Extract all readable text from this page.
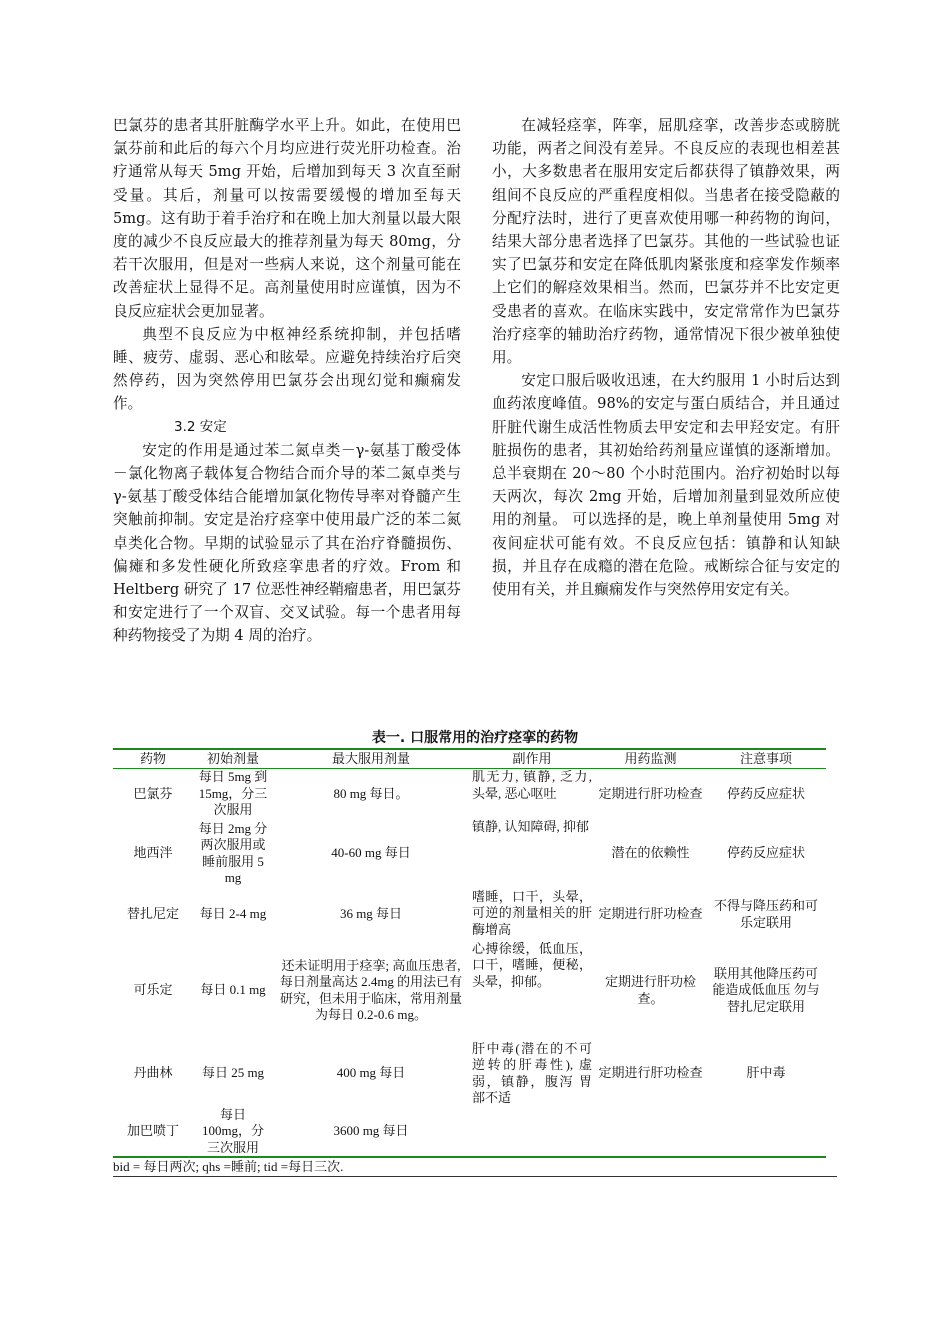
巴氯芬的患者其肝脏酶学水平上升。如此，在使用巴氯芬前和此后的每六个月均应进行荧光肝功检查。治疗通常从每天 5mg 开始，后增加到每天 3 次直至耐受量。其后，剂量可以按需要缓慢的增加至每天 5mg。这有助于着手治疗和在晚上加大剂量以最大限度的减少不良反应最大的推荐剂量为每天 80mg，分若干次服用，但是对一些病人来说，这个剂量可能在改善症状上显得不足。高剂量使用时应谨慎，因为不良反应症状会更加显著。

典型不良反应为中枢神经系统抑制，并包括嗜睡、疲劳、虚弱、恶心和眩晕。应避免持续治疗后突然停药，因为突然停用巴氯芬会出现幻觉和癫痫发作。

3.2 安定

安定的作用是通过苯二氮卓类－γ-氨基丁酸受体－氯化物离子载体复合物结合而介导的苯二氮卓类与 γ-氨基丁酸受体结合能增加氯化物传导率对脊髓产生突触前抑制。安定是治疗痉挛中使用最广泛的苯二氮卓类化合物。早期的试验显示了其在治疗脊髓损伤、偏瘫和多发性硬化所致痉挛患者的疗效。From 和 Heltberg 研究了 17 位恶性神经鞘瘤患者，用巴氯芬和安定进行了一个双盲、交叉试验。每一个患者用每种药物接受了为期 4 周的治疗。

在减轻痉挛，阵挛，屈肌痉挛，改善步态或膀胱功能，两者之间没有差异。不良反应的表现也相差甚小，大多数患者在服用安定后都获得了镇静效果，两组间不良反应的严重程度相似。当患者在接受隐蔽的分配疗法时，进行了更喜欢使用哪一种药物的询问，结果大部分患者选择了巴氯芬。其他的一些试验也证实了巴氯芬和安定在降低肌肉紧张度和痉挛发作频率上它们的解痉效果相当。然而，巴氯芬并不比安定更受患者的喜欢。在临床实践中，安定常常作为巴氯芬治疗痉挛的辅助治疗药物，通常情况下很少被单独使用。

安定口服后吸收迅速，在大约服用 1 小时后达到血药浓度峰值。98%的安定与蛋白质结合，并且通过肝脏代谢生成活性物质去甲安定和去甲羟安定。有肝脏损伤的患者，其初始给药剂量应谨慎的逐渐增加。总半衰期在 20～80 个小时范围内。治疗初始时以每天两次，每次 2mg 开始，后增加剂量到显效所应使用的剂量。 可以选择的是，晚上单剂量使用 5mg 对夜间症状可能有效。不良反应包括：镇静和认知缺损，并且存在成瘾的潜在危险。戒断综合征与安定的使用有关，并且癫痫发作与突然停用安定有关。

表一. 口服常用的治疗痉挛的药物
药物	初始剂量	最大服用剂量	副作用	用药监测	注意事项
巴氯芬	每日 5mg 到 15mg，分三次服用	80 mg 每日。	肌无力, 镇静, 乏力, 头晕, 恶心呕吐	定期进行肝功检查	停药反应症状
地西泮	每日 2mg 分两次服用或睡前服用 5 mg	40-60 mg 每日	镇静, 认知障碍, 抑郁	潜在的依赖性	停药反应症状
替扎尼定	每日 2-4 mg	36 mg 每日	嗜睡，口干，头晕，可逆的剂量相关的肝酶增高	定期进行肝功检查	不得与降压药和可乐定联用
可乐定	每日 0.1 mg	还未证明用于痉挛; 高血压患者,每日剂量高达 2.4mg 的用法已有研究，但未用于临床，常用剂量为每日 0.2-0.6 mg。	心搏徐缓，低血压，口干，嗜睡，便秘，头晕，抑郁。	定期进行肝功检查。	联用其他降压药可能造成低血压 勿与替扎尼定联用
丹曲林	每日 25 mg	400 mg 每日	肝中毒(潜在的不可逆转的肝毒性), 虚弱，镇静，腹泻 胃部不适	定期进行肝功检查	肝中毒
加巴喷丁	每日 100mg，分三次服用	3600 mg 每日			
bid = 每日两次; qhs =睡前; tid =每日三次.
